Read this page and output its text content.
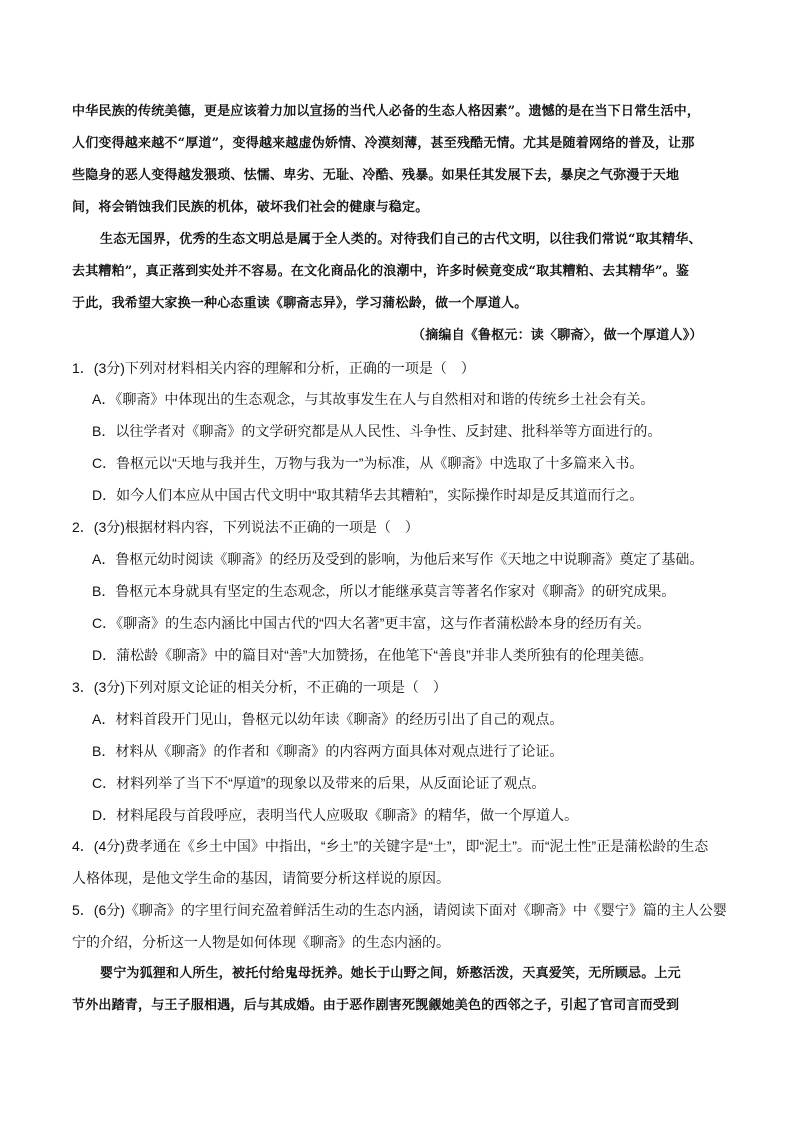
中华民族的传统美德，更是应该着力加以宣扬的当代人必备的生态人格因素”。遗憾的是在当下日常生活中，
人们变得越来越不“厚道”，变得越来越虚伪娇情、冷漠刻薄，甚至残酷无情。尤其是随着网络的普及，让那
些隐身的恶人变得越发猥琐、怯懦、卑劣、无耻、冷酷、残暴。如果任其发展下去，暴戾之气弥漫于天地
间，将会销蚀我们民族的机体，破坏我们社会的健康与稳定。
生态无国界，优秀的生态文明总是属于全人类的。对待我们自己的古代文明，以往我们常说“取其精华、
去其糟粕”，真正落到实处并不容易。在文化商品化的浪潮中，许多时候竟变成“取其糟粕、去其精华”。鉴
于此，我希望大家换一种心态重读《聊斋志异》，学习蒲松龄，做一个厚道人。
（摘编自《鲁枢元：读〈聊斋〉，做一个厚道人》）
1．(3分)下列对材料相关内容的理解和分析，正确的一项是（　）
A．《聊斋》中体现出的生态观念，与其故事发生在人与自然相对和谐的传统乡土社会有关。
B．以往学者对《聊斋》的文学研究都是从人民性、斗争性、反封建、批科举等方面进行的。
C．鲁枢元以“天地与我并生，万物与我为一”为标准，从《聊斋》中选取了十多篇来入书。
D．如今人们本应从中国古代文明中“取其精华去其糟粕”，实际操作时却是反其道而行之。
2．(3分)根据材料内容，下列说法不正确的一项是（　）
A．鲁枢元幼时阅读《聊斋》的经历及受到的影响，为他后来写作《天地之中说聊斋》奠定了基础。
B．鲁枢元本身就具有坚定的生态观念，所以才能继承莫言等著名作家对《聊斋》的研究成果。
C．《聊斋》的生态内涵比中国古代的“四大名著”更丰富，这与作者蒲松龄本身的经历有关。
D．蒲松龄《聊斋》中的篇目对“善”大加赞扬，在他笔下“善良”并非人类所独有的伦理美德。
3．(3分)下列对原文论证的相关分析，不正确的一项是（　）
A．材料首段开门见山，鲁枢元以幼年读《聊斋》的经历引出了自己的观点。
B．材料从《聊斋》的作者和《聊斋》的内容两方面具体对观点进行了论证。
C．材料列举了当下不“厚道”的现象以及带来的后果，从反面论证了观点。
D．材料尾段与首段呼应，表明当代人应吸取《聊斋》的精华，做一个厚道人。
4．(4分)费孝通在《乡土中国》中指出，“乡土”的关键字是“土”，即“泥土”。而“泥土性”正是蒲松龄的生态
人格体现，是他文学生命的基因，请简要分析这样说的原因。
5．(6分)《聊斋》的字里行间充盈着鲜活生动的生态内涵，请阅读下面对《聊斋》中《婴宁》篇的主人公婴
宁的介绍，分析这一人物是如何体现《聊斋》的生态内涵的。
婴宁为狐狸和人所生，被托付给鬼母抚养。她长于山野之间，娇憨活泼，天真爱笑，无所顾忌。上元
节外出踏青，与王子服相遇，后与其成婚。由于恶作剧害死觊觎她美色的西邻之子，引起了官司言而受到
